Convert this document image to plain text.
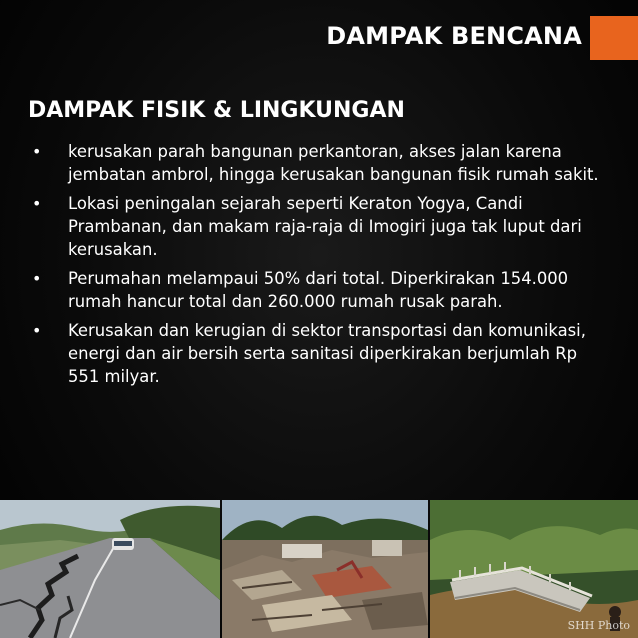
DAMPAK BENCANA
DAMPAK FISIK & LINGKUNGAN
• kerusakan parah bangunan perkantoran, akses jalan karena jembatan ambrol, hingga kerusakan bangunan fisik rumah sakit.
• Lokasi peningalan sejarah seperti Keraton Yogya, Candi Prambanan, dan makam raja-raja di Imogiri juga tak luput dari kerusakan.
• Perumahan melampaui 50% dari total. Diperkirakan 154.000 rumah hancur total dan 260.000 rumah rusak parah.
• Kerusakan dan kerugian di sektor transportasi dan komunikasi, energi dan air bersih serta sanitasi diperkirakan berjumlah Rp 551 milyar.
SHH Photo
